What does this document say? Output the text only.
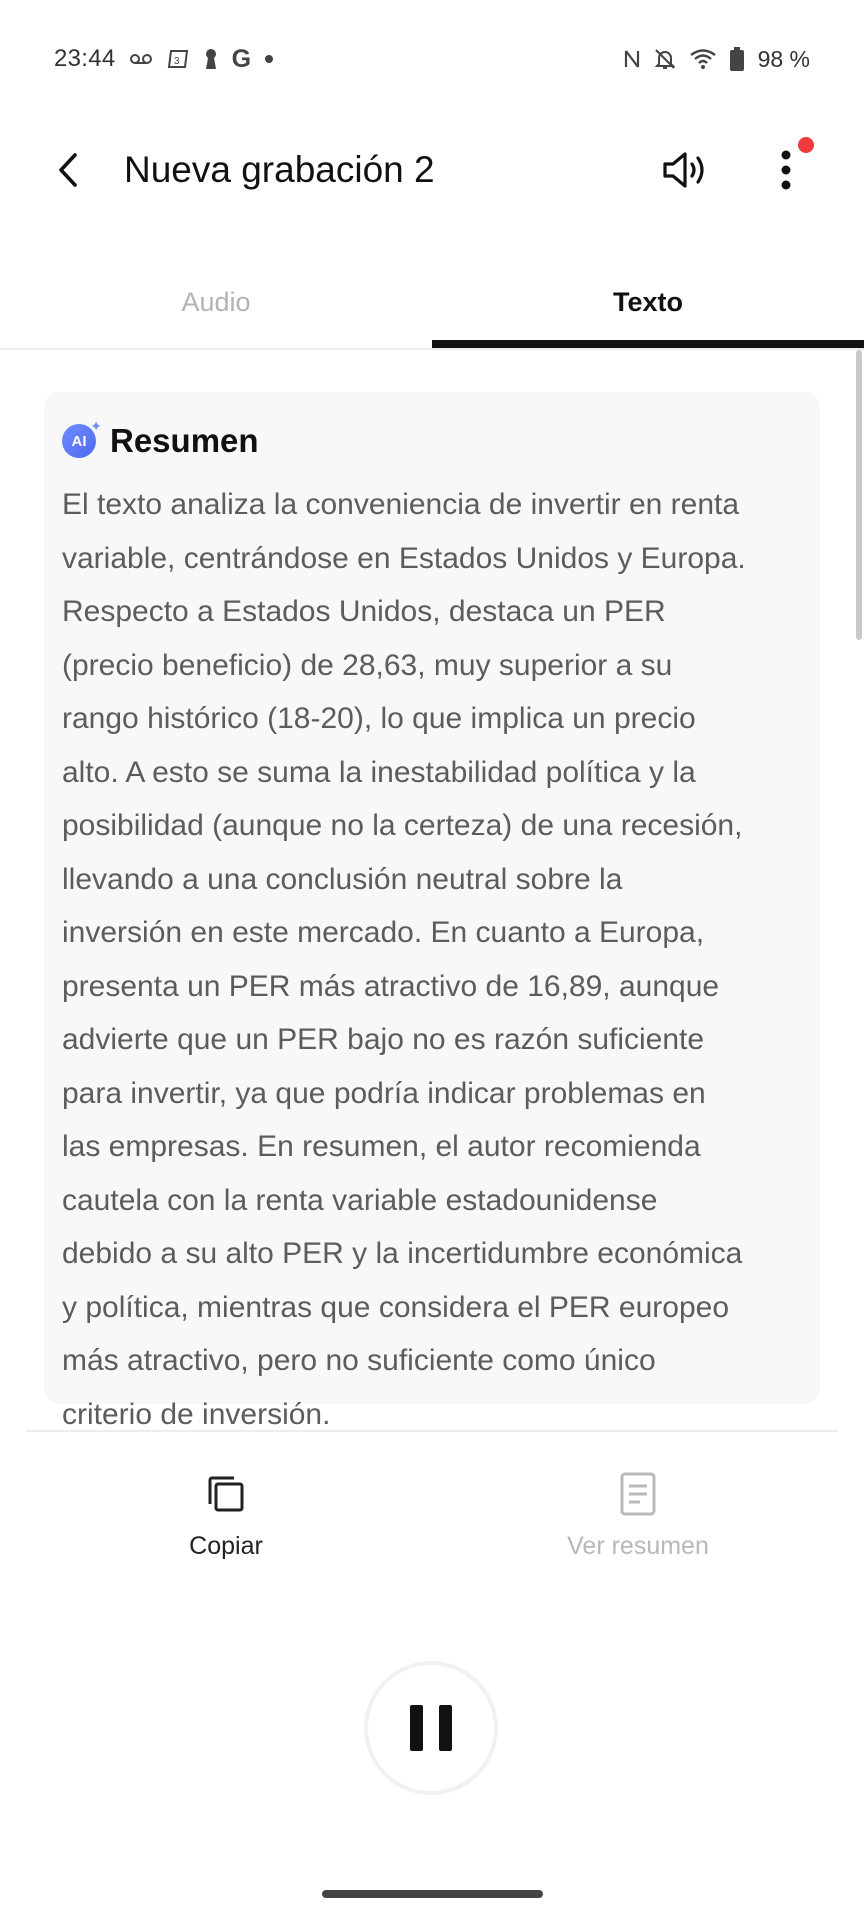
23:44	3 G	98 %
Nueva grabación 2
Audio	Texto
AI
✦ Resumen
El texto analiza la conveniencia de invertir en renta
variable, centrándose en Estados Unidos y Europa.
Respecto a Estados Unidos, destaca un PER
(precio beneficio) de 28,63, muy superior a su
rango histórico (18-20), lo que implica un precio
alto. A esto se suma la inestabilidad política y la
posibilidad (aunque no la certeza) de una recesión,
llevando a una conclusión neutral sobre la
inversión en este mercado. En cuanto a Europa,
presenta un PER más atractivo de 16,89, aunque
advierte que un PER bajo no es razón suficiente
para invertir, ya que podría indicar problemas en
las empresas. En resumen, el autor recomienda
cautela con la renta variable estadounidense
debido a su alto PER y la incertidumbre económica
y política, mientras que considera el PER europeo
más atractivo, pero no suficiente como único
criterio de inversión.
Copiar	Ver resumen
